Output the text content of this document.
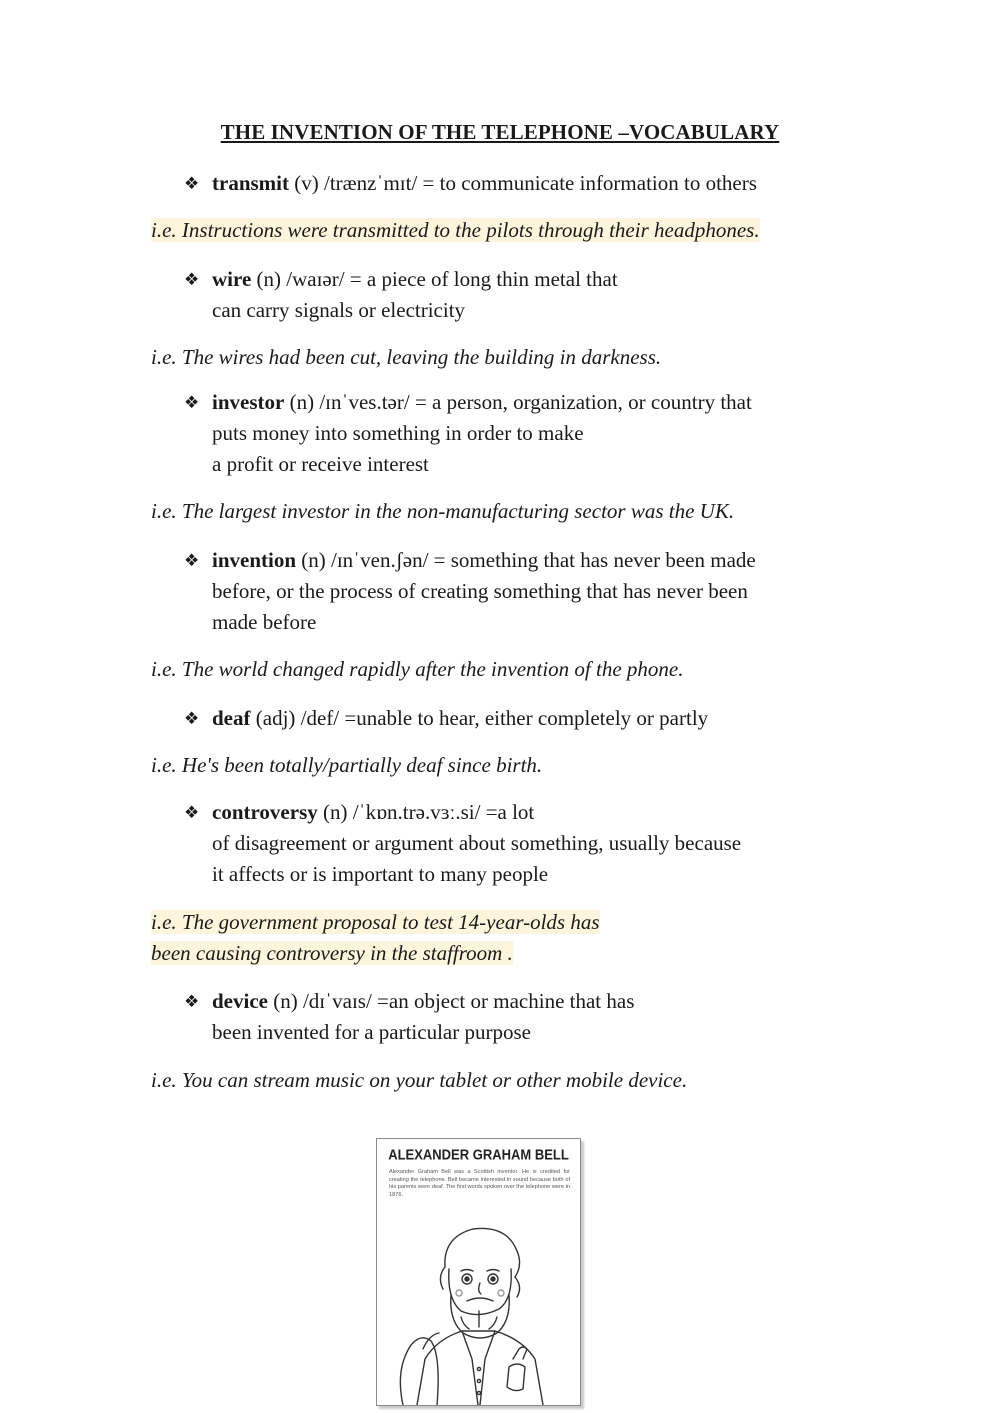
THE INVENTION OF THE TELEPHONE –VOCABULARY
❖ transmit (v) /trænzˈmɪt/ = to communicate information to others
i.e. Instructions were transmitted to the pilots through their headphones.
❖ wire (n) /waɪər/ = a piece of long thin metal that
can carry signals or electricity
i.e. The wires had been cut, leaving the building in darkness.
❖ investor (n) /ɪnˈves.tər/ = a person, organization, or country that
puts money into something in order to make
a profit or receive interest
i.e. The largest investor in the non-manufacturing sector was the UK.
❖ invention (n) /ɪnˈven.ʃən/ = something that has never been made
before, or the process of creating something that has never been
made before
i.e. The world changed rapidly after the invention of the phone.
❖ deaf (adj) /def/ =unable to hear, either completely or partly
i.e. He's been totally/partially deaf since birth.
❖ controversy (n) /ˈkɒn.trə.vɜː.si/ =a lot
of disagreement or argument about something, usually because
it affects or is important to many people
i.e. The government proposal to test 14-year-olds has
been causing controversy in the staffroom .
❖ device (n) /dɪˈvaɪs/ =an object or machine that has
been invented for a particular purpose
i.e. You can stream music on your tablet or other mobile device.
ALEXANDER GRAHAM BELL
Alexander Graham Bell was a Scottish inventor. He is credited for creating the telephone. Bell became interested in sound because both of his parents were deaf. The first words spoken over the telephone were in 1876.
